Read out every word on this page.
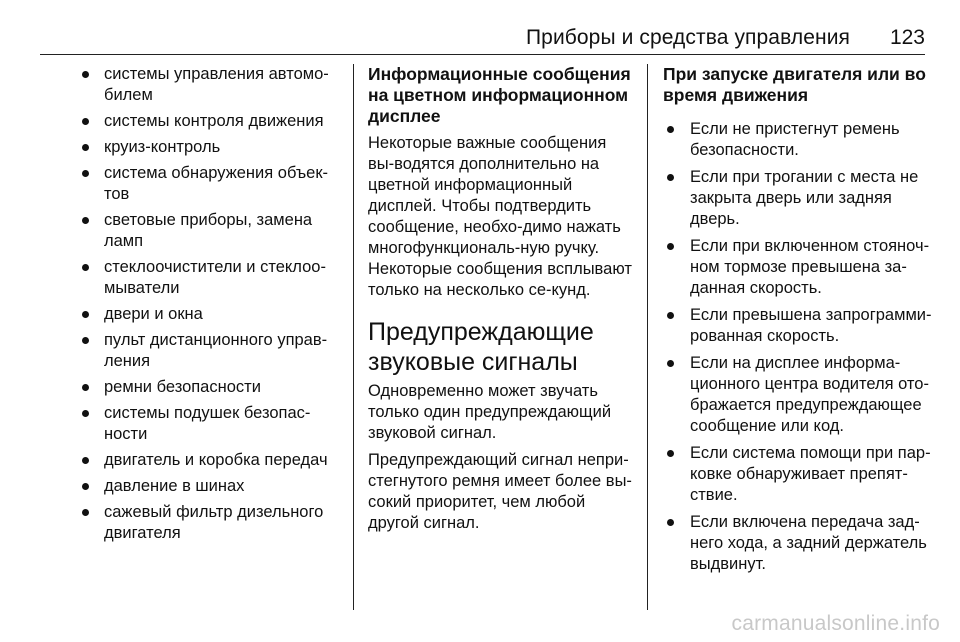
Приборы и средства управления 123
системы управления автомо-билем
системы контроля движения
круиз-контроль
система обнаружения объек-тов
световые приборы, замена ламп
стеклоочистители и стеклоо-мыватели
двери и окна
пульт дистанционного управ-ления
ремни безопасности
системы подушек безопас-ности
двигатель и коробка передач
давление в шинах
сажевый фильтр дизельного двигателя
Информационные сообщения на цветном информационном дисплее

Некоторые важные сообщения вы-водятся дополнительно на цветной информационный дисплей. Чтобы подтвердить сообщение, необхо-димо нажать многофункциональ-ную ручку. Некоторые сообщения всплывают только на несколько се-кунд.

Предупреждающие звуковые сигналы

Одновременно может звучать только один предупреждающий звуковой сигнал.

Предупреждающий сигнал непри-стегнутого ремня имеет более вы-сокий приоритет, чем любой другой сигнал.

При запуске двигателя или во время движения
Если не пристегнут ремень безопасности.
Если при трогании с места не закрыта дверь или задняя дверь.
Если при включенном стояноч-ном тормозе превышена за-данная скорость.
Если превышена запрограмми-рованная скорость.
Если на дисплее информа-ционного центра водителя ото-бражается предупреждающее сообщение или код.
Если система помощи при пар-ковке обнаруживает препят-ствие.
Если включена передача зад-него хода, а задний держатель выдвинут.
carmanualsonline.info
